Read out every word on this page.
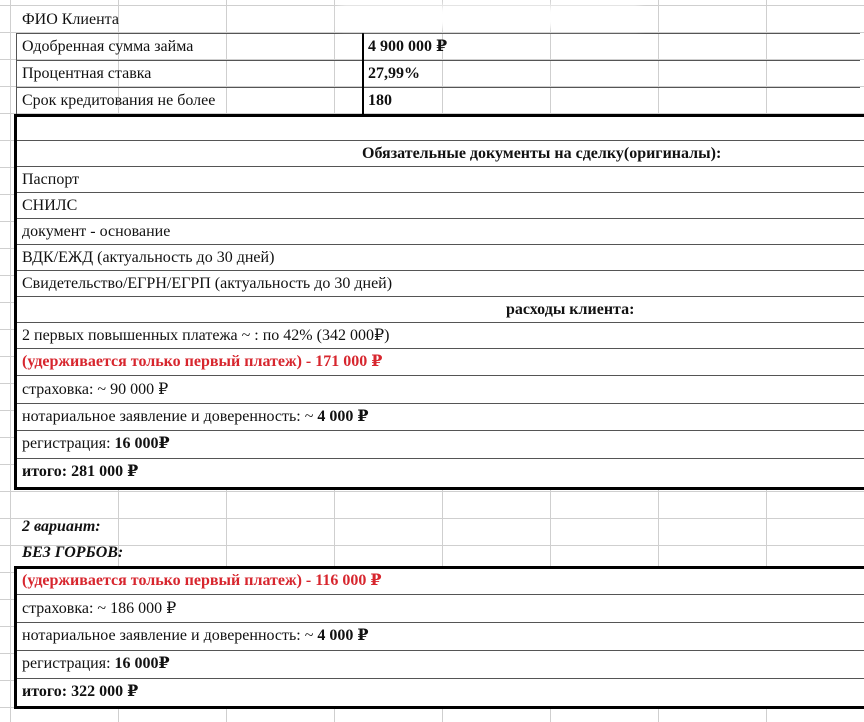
ФИО Клиента
Одобренная сумма займа	4 900 000 ₽
Процентная ставка	27,99%
Срок кредитования не более	180
Обязательные документы на сделку(оригиналы):
Паспорт
СНИЛС
документ - основание
ВДК/ЕЖД (актуальность до 30 дней)
Свидетельство/ЕГРН/ЕГРП (актуальность до 30 дней)
расходы клиента:
2 первых повышенных платежа ~ : по 42% (342 000₽)
(удерживается только первый платеж) - 171 000 ₽
страховка: ~ 90 000 ₽
нотариальное заявление и доверенность: ~ 4 000 ₽
регистрация: 16 000₽
итого: 281 000 ₽
2 вариант:
БЕЗ ГОРБОВ:
(удерживается только первый платеж) - 116 000 ₽
страховка: ~ 186 000 ₽
нотариальное заявление и доверенность: ~ 4 000 ₽
регистрация: 16 000₽
итого: 322 000 ₽
